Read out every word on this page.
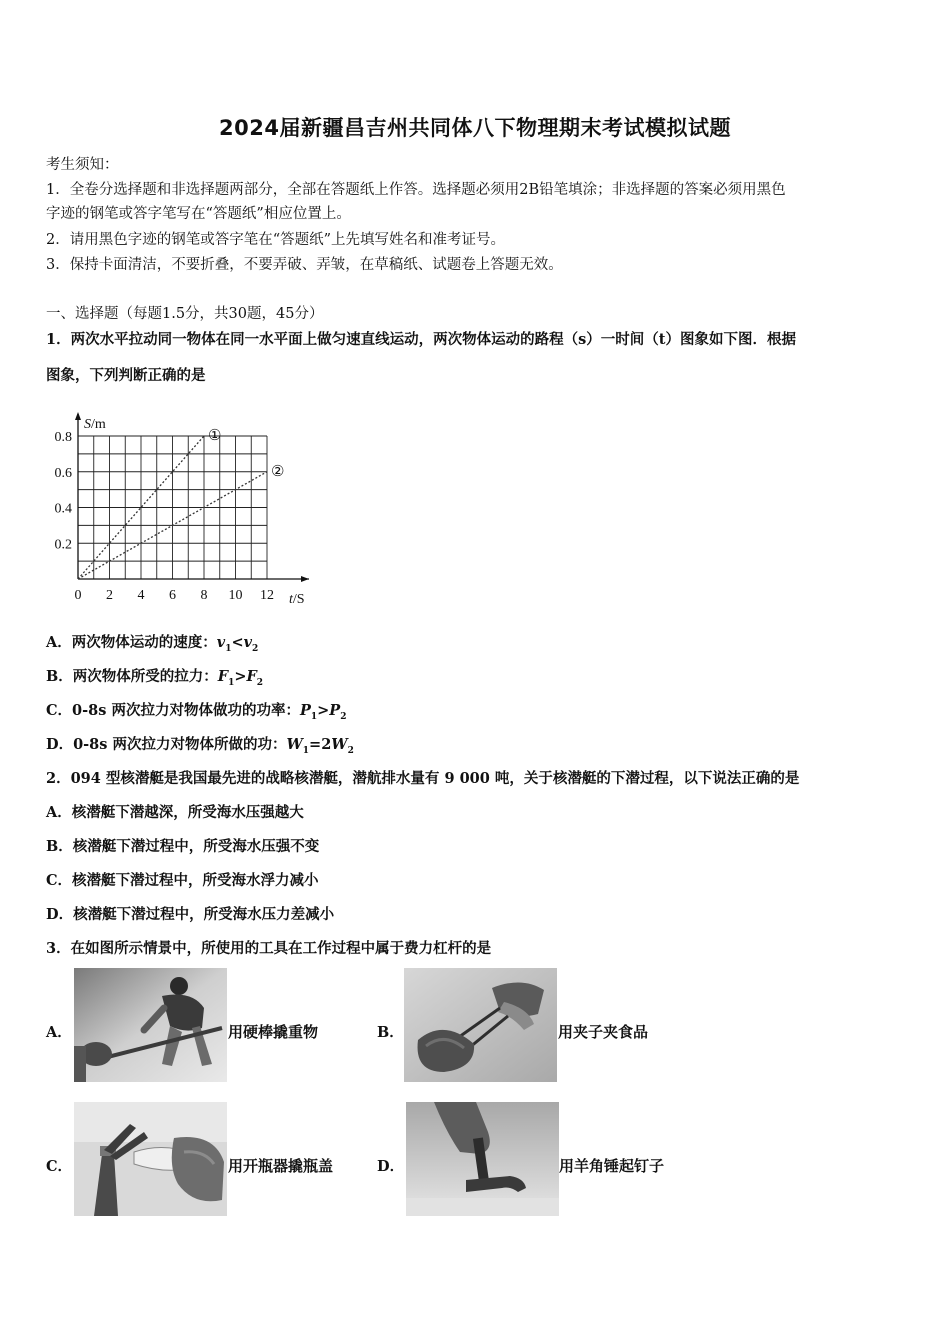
2024届新疆昌吉州共同体八下物理期末考试模拟试题
考生须知：
1．全卷分选择题和非选择题两部分，全部在答题纸上作答。选择题必须用2B铅笔填涂；非选择题的答案必须用黑色
字迹的钢笔或答字笔写在“答题纸”相应位置上。
2．请用黑色字迹的钢笔或答字笔在“答题纸”上先填写姓名和准考证号。
3．保持卡面清洁，不要折叠，不要弄破、弄皱，在草稿纸、试题卷上答题无效。
一、选择题（每题1.5分，共30题，45分）
1．两次水平拉动同一物体在同一水平面上做匀速直线运动，两次物体运动的路程（s）一时间（t）图象如下图．根据
图象，下列判断正确的是
0 2 4 6 8 10 12
0.2
0.4
0.6
0.8
S/m
t/S
①
②
A．两次物体运动的速度：$v_1<v_2$
B．两次物体所受的拉力：$F_1>F_2$
C．0-8s 两次拉力对物体做功的功率：$P_1>P_2$
D．0-8s 两次拉力对物体所做的功：$W_1=2W_2$
2．094 型核潜艇是我国最先进的战略核潜艇，潜航排水量有 9 000 吨，关于核潜艇的下潜过程，以下说法正确的是
A．核潜艇下潜越深，所受海水压强越大
B．核潜艇下潜过程中，所受海水压强不变
C．核潜艇下潜过程中，所受海水浮力减小
D．核潜艇下潜过程中，所受海水压力差减小
3．在如图所示情景中，所使用的工具在工作过程中属于费力杠杆的是
A．	用硬棒撬重物	B．	用夹子夹食品
C．	用开瓶器撬瓶盖	D．	用羊角锤起钉子
